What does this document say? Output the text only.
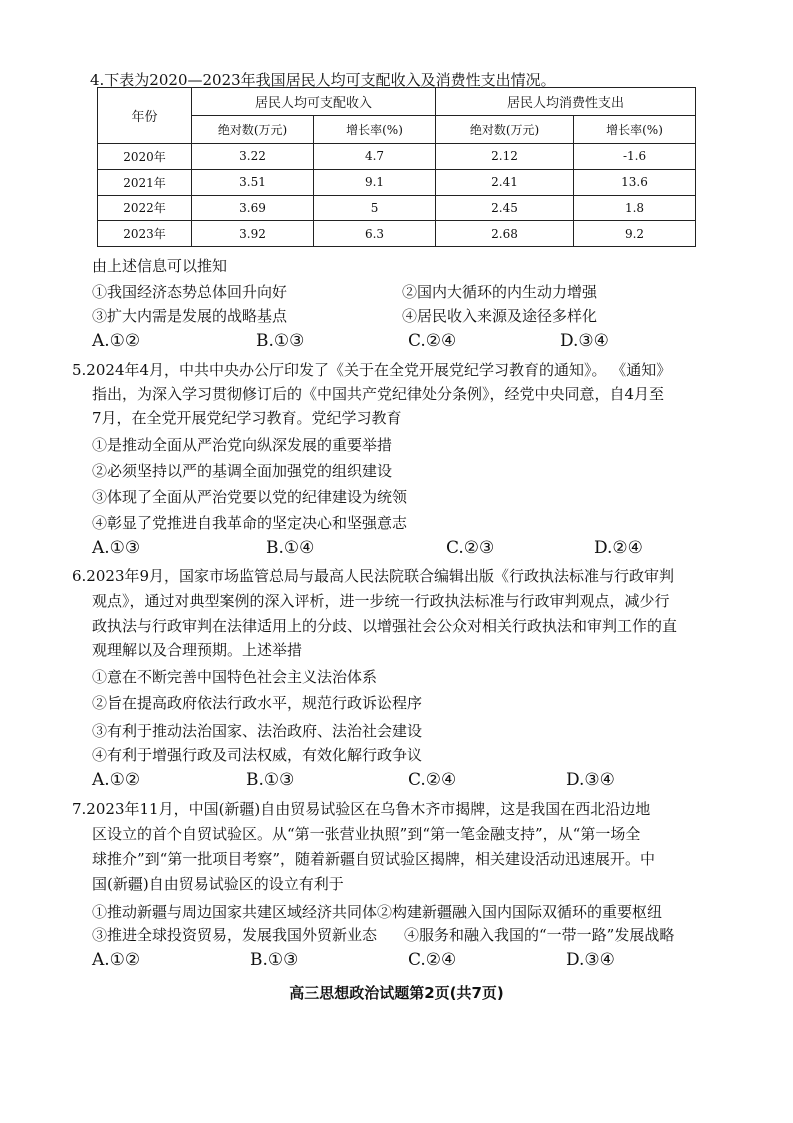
4.下表为2020—2023年我国居民人均可支配收入及消费性支出情况。
年份	居民人均可支配收入		居民人均消费性支出	
	绝对数(万元)	增长率(%)	绝对数(万元)	增长率(%)
2020年	3.22	4.7	2.12	-1.6
2021年	3.51	9.1	2.41	13.6
2022年	3.69	5	2.45	1.8
2023年	3.92	6.3	2.68	9.2
由上述信息可以推知
①我国经济态势总体回升向好	②国内大循环的内生动力增强
③扩大内需是发展的战略基点	④居民收入来源及途径多样化
A.①②	B.①③	C.②④	D.③④
5.2024年4月，中共中央办公厅印发了《关于在全党开展党纪学习教育的通知》。 《通知》
指出，为深入学习贯彻修订后的《中国共产党纪律处分条例》，经党中央同意，自4月至
7月，在全党开展党纪学习教育。党纪学习教育
①是推动全面从严治党向纵深发展的重要举措
②必须坚持以严的基调全面加强党的组织建设
③体现了全面从严治党要以党的纪律建设为统领
④彰显了党推进自我革命的坚定决心和坚强意志
A.①③	B.①④	C.②③	D.②④
6.2023年9月，国家市场监管总局与最高人民法院联合编辑出版《行政执法标准与行政审判
观点》，通过对典型案例的深入评析，进一步统一行政执法标准与行政审判观点，减少行
政执法与行政审判在法律适用上的分歧、以增强社会公众对相关行政执法和审判工作的直
观理解以及合理预期。上述举措
①意在不断完善中国特色社会主义法治体系
②旨在提高政府依法行政水平，规范行政诉讼程序
③有利于推动法治国家、法治政府、法治社会建设
④有利于增强行政及司法权威，有效化解行政争议
A.①②	B.①③	C.②④	D.③④
7.2023年11月，中国(新疆)自由贸易试验区在乌鲁木齐市揭牌，这是我国在西北沿边地
区设立的首个自贸试验区。从“第一张营业执照”到“第一笔金融支持”，从“第一场全
球推介”到“第一批项目考察”，随着新疆自贸试验区揭牌，相关建设活动迅速展开。中
国(新疆)自由贸易试验区的设立有利于
①推动新疆与周边国家共建区域经济共同体②构建新疆融入国内国际双循环的重要枢纽
③推进全球投资贸易，发展我国外贸新业态 ④服务和融入我国的“一带一路”发展战略
A.①②	B.①③	C.②④	D.③④
高三思想政治试题第2页(共7页)
